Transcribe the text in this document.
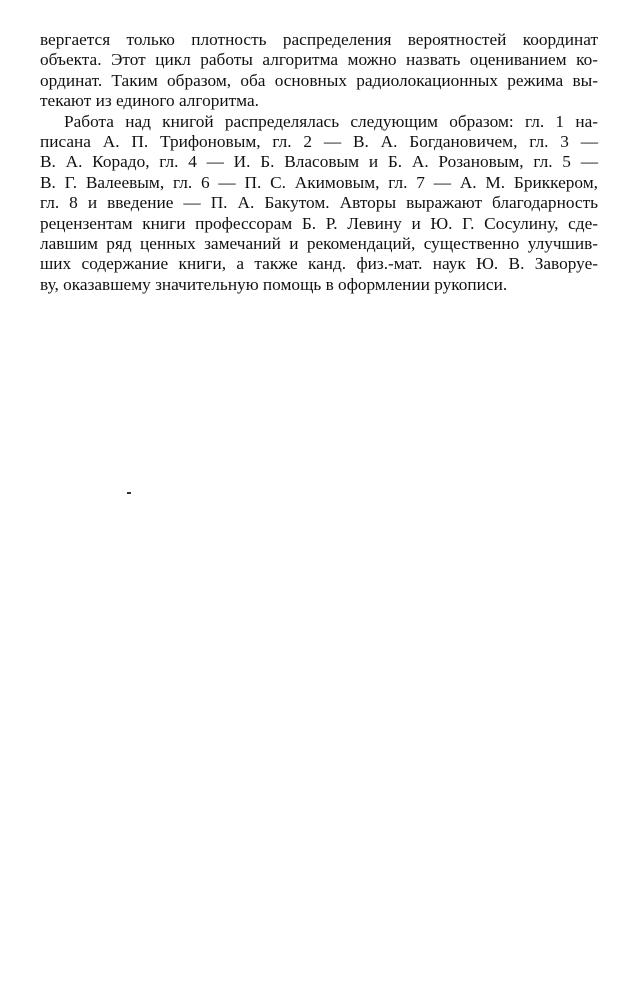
вергается только плотность распределения вероятностей координат
объекта. Этот цикл работы алгоритма можно назвать оцениванием ко-
ординат. Таким образом, оба основных радиолокационных режима вы-
текают из единого алгоритма.
Работа над книгой распределялась следующим образом: гл. 1 на-
писана А. П. Трифоновым, гл. 2 — В. А. Богдановичем, гл. 3 —
В. А. Корадо, гл. 4 — И. Б. Власовым и Б. А. Розановым, гл. 5 —
В. Г. Валеевым, гл. 6 — П. С. Акимовым, гл. 7 — А. М. Бриккером,
гл. 8 и введение — П. А. Бакутом. Авторы выражают благодарность
рецензентам книги профессорам Б. Р. Левину и Ю. Г. Сосулину, сде-
лавшим ряд ценных замечаний и рекомендаций, существенно улучшив-
ших содержание книги, а также канд. физ.-мат. наук Ю. В. Заворуе-
ву, оказавшему значительную помощь в оформлении рукописи.
